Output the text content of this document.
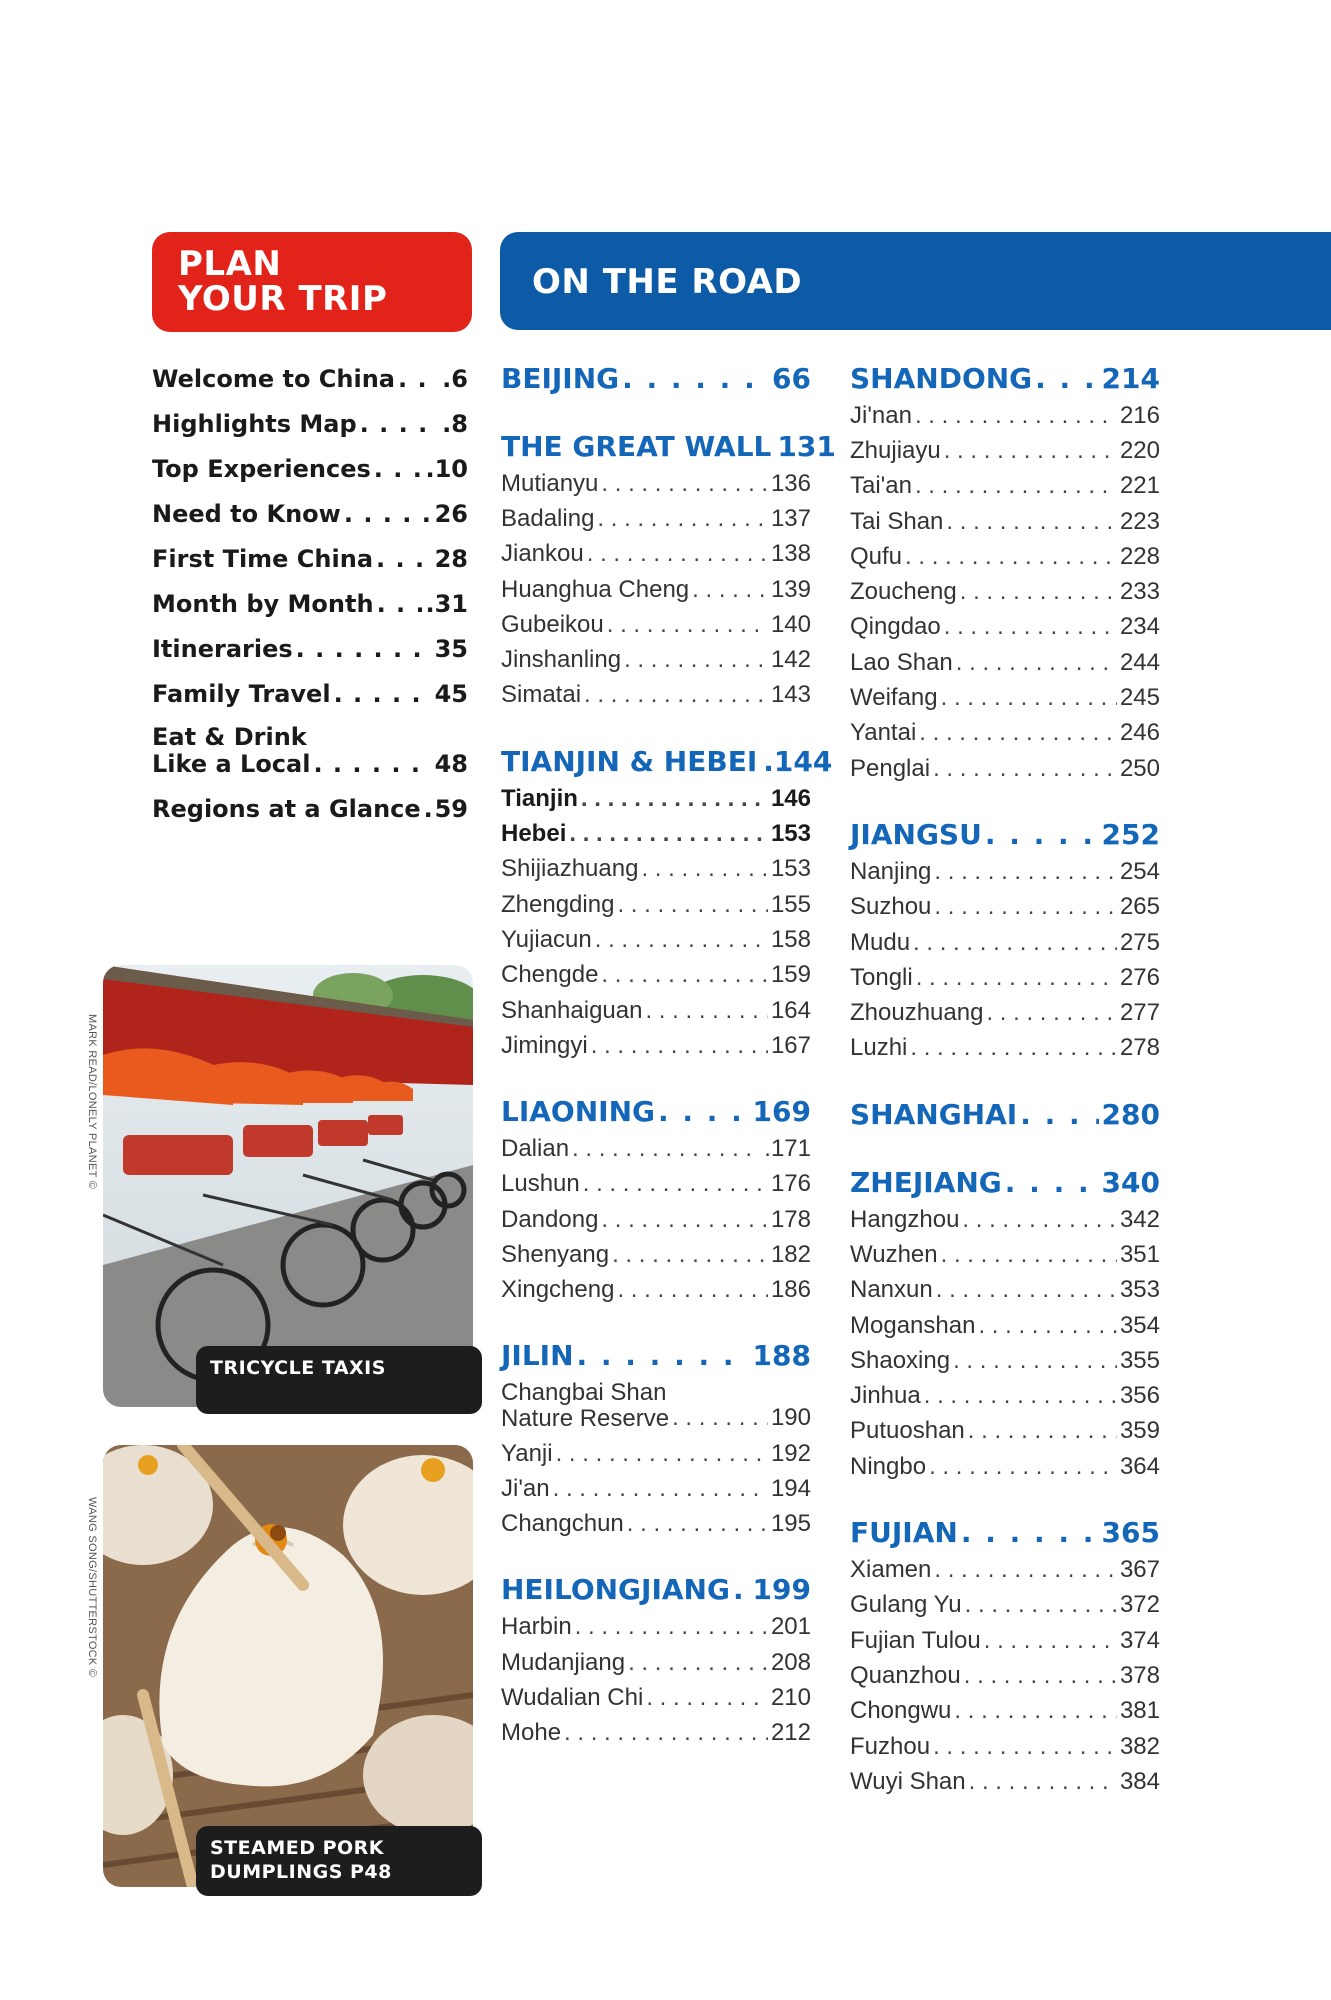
PLAN
YOUR TRIP	ON THE ROAD
Welcome to China . . . .6
Highlights Map . . .	.8
Top Experiences . . . .10
Need to Know . . .	26
First Time China . . .	28
Month by Month . . . .31
Itineraries . . .	35
Family Travel . . .	45
Eat & Drink
Like a Local . . .	48
Regions at a Glance . . . 59
BEIJING . . .	66
THE GREAT WALL 131
Mutianyu . . .	136
Badaling . . .	137
Jiankou . . .	138
Huanghua Cheng . . .	139
Gubeikou . . .	140
Jinshanling . . .	142
Simatai . . .	143
TIANJIN & HEBEI .144
Tianjin . . .	146
Hebei . . .	153
Shijiazhuang . . .	153
Zhengding . . .	155
Yujiacun . . .	158
Chengde . . .	159
Shanhaiguan . . .	164
Jimingyi . . .	167
LIAONING . . .	169
Dalian . . .	.171
Lushun . . .	176
Dandong . . .	178
Shenyang . . .	182
Xingcheng . . .	186
JILIN . . .	188
Changbai Shan
Nature Reserve . . .	190
Yanji . . .	192
Ji'an . . .	194
Changchun . . .	195
HEILONGJIANG . . . 199
Harbin . . .	201
Mudanjiang . . .	208
Wudalian Chi . . .	210
Mohe . . .	212
SHANDONG . . . 214
Ji'nan . . .	216
Zhujiayu . . .	220
Tai'an . . .	221
Tai Shan . . .	223
Qufu . . .	228
Zoucheng . . .	233
Qingdao . . .	234
Lao Shan . . .	244
Weifang . . .	245
Yantai . . .	246
Penglai . . .	250
JIANGSU . . .	252
Nanjing . . .	254
Suzhou . . .	265
Mudu . . .	275
Tongli . . .	276
Zhouzhuang . . .	277
Luzhi . . .	278
SHANGHAI . . .	280
ZHEJIANG . . .	340
Hangzhou . . .	342
Wuzhen . . .	351
Nanxun . . .	353
Moganshan . . .	354
Shaoxing . . .	355
Jinhua . . .	356
Putuoshan . . .	359
Ningbo . . .	364
FUJIAN . . .	365
Xiamen . . .	367
Gulang Yu . . .	372
Fujian Tulou . . .	374
Quanzhou . . .	378
Chongwu . . .	381
Fuzhou . . .	382
Wuyi Shan . . .	384
MARK READ/LONELY PLANET ©
TRICYCLE TAXIS
WANG SONG/SHUTTERSTOCK ©
STEAMED PORK
DUMPLINGS P48
